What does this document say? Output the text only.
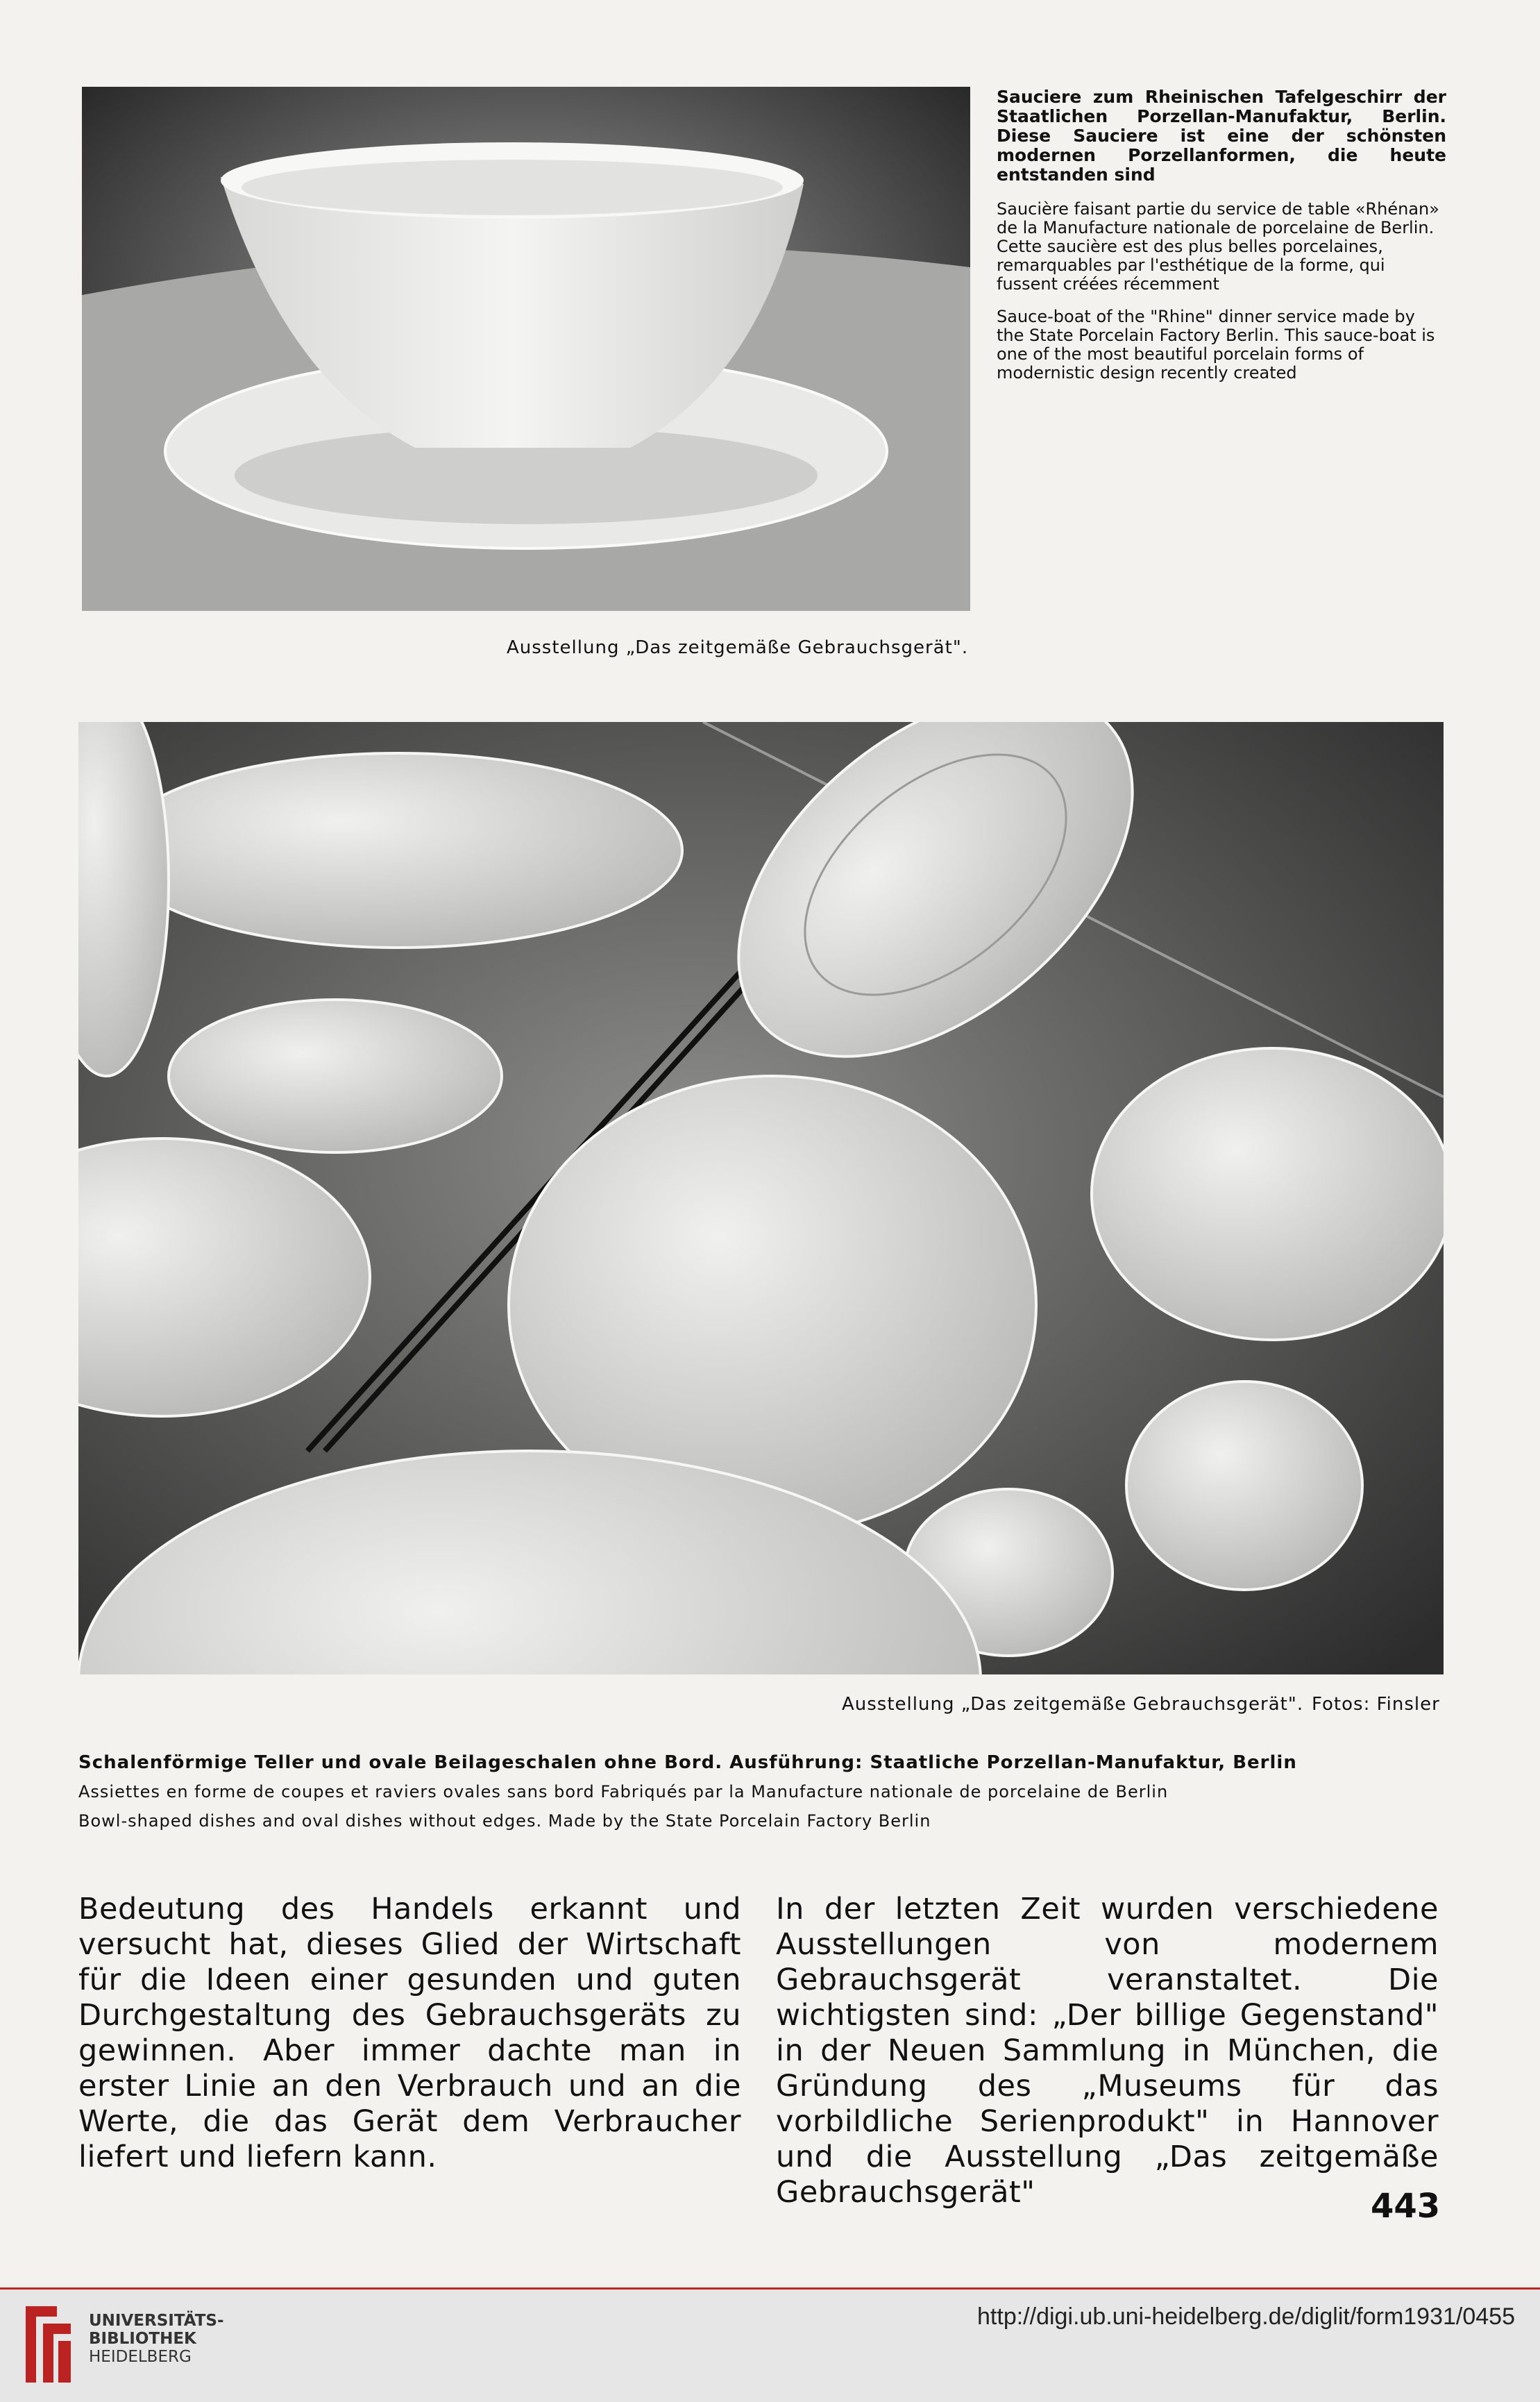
Sauciere zum Rheinischen Tafelgeschirr der Staatlichen Porzellan-Manufaktur, Berlin. Diese Sauciere ist eine der schönsten modernen Porzellanformen, die heute entstanden sind

Saucière faisant partie du service de table «Rhénan» de la Manufacture nationale de porcelaine de Berlin. Cette saucière est des plus belles porcelaines, remarquables par l'esthétique de la forme, qui fussent créées récemment

Sauce-boat of the "Rhine" dinner service made by the State Porcelain Factory Berlin. This sauce-boat is one of the most beautiful porcelain forms of modernistic design recently created

Ausstellung „Das zeitgemäße Gebrauchsgerät".
Ausstellung „Das zeitgemäße Gebrauchsgerät". Fotos: Finsler
Schalenförmige Teller und ovale Beilageschalen ohne Bord. Ausführung: Staatliche Porzellan-Manufaktur, Berlin
Assiettes en forme de coupes et raviers ovales sans bord Fabriqués par la Manufacture nationale de porcelaine de Berlin
Bowl-shaped dishes and oval dishes without edges. Made by the State Porcelain Factory Berlin
Bedeutung des Handels erkannt und versucht hat, dieses Glied der Wirtschaft für die Ideen einer gesunden und guten Durchgestaltung des Gebrauchsgeräts zu gewinnen. Aber immer dachte man in erster Linie an den Verbrauch und an die Werte, die das Gerät dem Verbraucher liefert und liefern kann.
In der letzten Zeit wurden verschiedene Ausstellungen von modernem Gebrauchsgerät veranstaltet. Die wichtigsten sind: „Der billige Gegenstand" in der Neuen Sammlung in München, die Gründung des „Museums für das vorbildliche Serienprodukt" in Hannover und die Ausstellung „Das zeitgemäße Gebrauchsgerät"	443
UNIVERSITÄTS-
BIBLIOTHEK
HEIDELBERG
http://digi.ub.uni-heidelberg.de/diglit/form1931/0455
